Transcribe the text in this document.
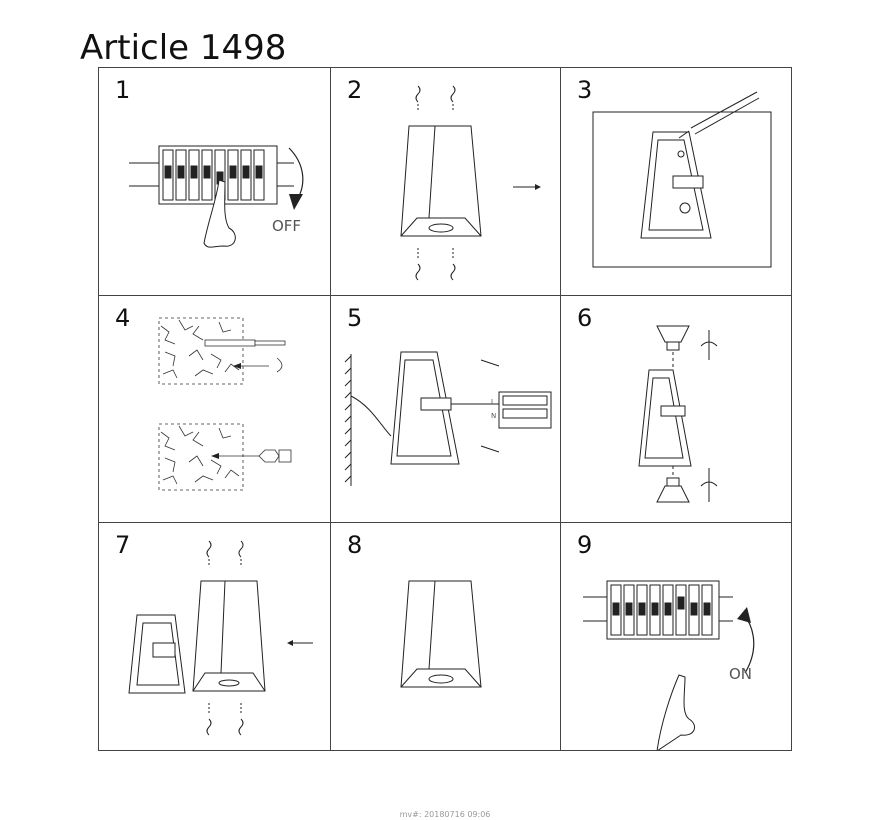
Article 1498
1
OFF
2	3
4	5
L
N
6
7	8	9
ON
mv#: 20180716 09:06
